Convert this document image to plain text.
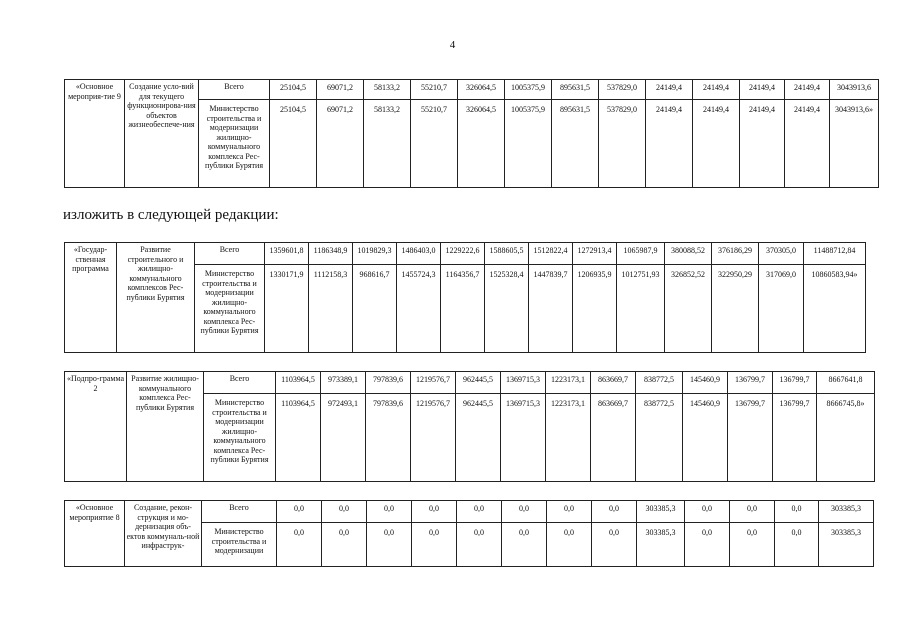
4
«Основное мероприя-тие 9	Создание усло-вий для текущего функционирова-ния объектов жизнеобеспече-ния	Всего	25104,5	69071,2	58133,2	55210,7	326064,5	1005375,9	895631,5	537829,0	24149,4	24149,4	24149,4	24149,4	3043913,6
		Министерство строительства и модернизации жилищно-коммунального комплекса Рес-публики Бурятия	25104,5	69071,2	58133,2	55210,7	326064,5	1005375,9	895631,5	537829,0	24149,4	24149,4	24149,4	24149,4	3043913,6»
изложить в следующей редакции:
«Государ-ственная программа	Развитие строительного и жилищно-коммунального комплексов Рес-публики Бурятия	Всего	1359601,8	1186348,9	1019829,3	1486403,0	1229222,6	1588605,5	1512822,4	1272913,4	1065987,9	380088,52	376186,29	370305,0	11488712,84
		Министерство строительства и модернизации жилищно-коммунального комплекса Рес-публики Бурятия	1330171,9	1112158,3	968616,7	1455724,3	1164356,7	1525328,4	1447839,7	1206935,9	1012751,93	326852,52	322950,29	317069,0	10860583,94»
«Подпро-грамма 2	Развитие жилищно-коммунального комплекса Рес-публики Бурятия	Всего	1103964,5	973389,1	797839,6	1219576,7	962445,5	1369715,3	1223173,1	863669,7	838772,5	145460,9	136799,7	136799,7	8667641,8
		Министерство строительства и модернизации жилищно-коммунального комплекса Рес-публики Бурятия	1103964,5	972493,1	797839,6	1219576,7	962445,5	1369715,3	1223173,1	863669,7	838772,5	145460,9	136799,7	136799,7	8666745,8»
«Основное мероприятие 8	Создание, рекон-струкция и мо-дернизация объ-ектов коммуналь-ной инфраструк-	Всего	0,0	0,0	0,0	0,0	0,0	0,0	0,0	0,0	303385,3	0,0	0,0	0,0	303385,3
		Министерство строительства и модернизации	0,0	0,0	0,0	0,0	0,0	0,0	0,0	0,0	303385,3	0,0	0,0	0,0	303385,3
